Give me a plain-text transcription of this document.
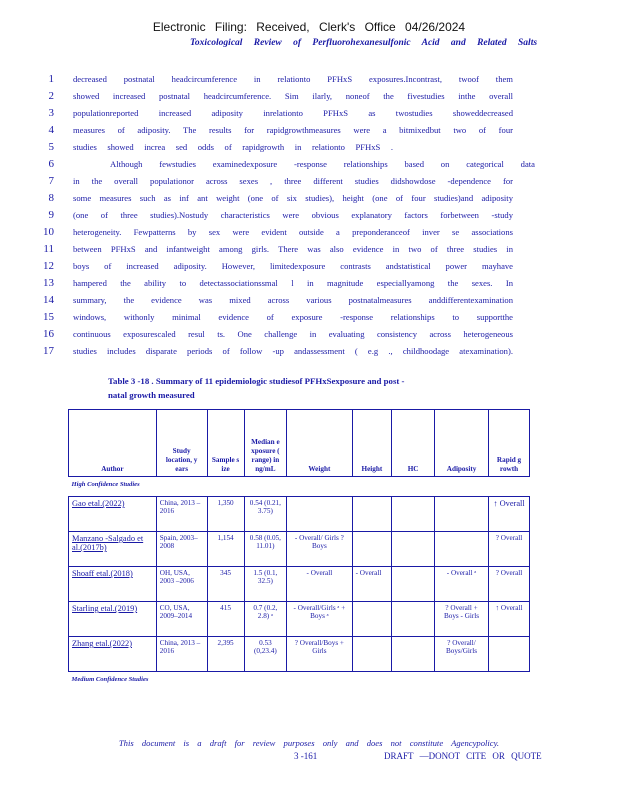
Electronic Filing: Received, Clerk's Office 04/26/2024
Toxicological Review of Perfluorohexanesulfonic Acid and Related Salts
1 decreased postnatal headcircumference in relationto PFHxS exposures.Incontrast, twoof them
2 showed increased postnatal headcircumference. Sim ilarly, noneof the fivestudies inthe overall
3 populationreported increased adiposity inrelationto PFHxS as twostudies showeddecreased
4 measures of adiposity. The results for rapidgrowthmeasures were a bitmixedbut two of four
5 studies showed increa sed odds of rapidgrowth in relationto PFHxS .
6	Although fewstudies examinedexposure -response relationships based on categorical data
7 in the overall populationor across sexes , three different studies didshowdose -dependence for
8 some measures such as inf ant weight (one of six studies), height (one of four studies)and adiposity
9 (one of three studies).Nostudy characteristics were obvious explanatory factors forbetween -study
10 heterogeneity. Fewpatterns by sex were evident outside a preponderanceof inver se associations
11 between PFHxS and infantweight among girls. There was also evidence in two of three studies in
12 boys of increased adiposity. However, limitedexposure contrasts andstatistical power mayhave
13 hampered the ability to detectassociationssmal l in magnitude especiallyamong the sexes. In
14 summary, the evidence was mixed across various postnatalmeasures anddifferentexamination
15 windows, withonly minimal evidence of exposure -response relationships to supportthe
16 continuous exposurescaled resul ts. One challenge in evaluating consistency across heterogeneous
17 studies includes disparate periods of follow -up andassessment ( e.g ., childhoodage atexamination).
Table 3 -18 . Summary of 11 epidemiologic studiesof PFHxSexposure and post -
natal growth measured
Author	Study location, y ears	Sample s ize	Median e xposure ( range) in ng/mL	Weight	Height	HC	Adiposity	Rapid g rowth
High Confidence Studies								
Gao etal.(2022)	China, 2013 –2016	1,350	0.54 (0.21, 3.75)					↑ Overall
Manzano -Salgado et al.(2017b)	Spain, 2003–2008	1,154	0.58 (0.05, 11.01)	- Overall/ Girls ? Boys				? Overall
Shoaff etal.(2018)	OH, USA, 2003 –2006	345	1.5 (0.1, 32.5)	- Overall	- Overall		- Overall ᵃ	? Overall
Starling etal.(2019)	CO, USA, 2009–2014	415	0.7 (0.2, 2.8) ᵃ	- Overall/Girls ᵃ + Boys ᵃ			? Overall + Boys - Girls	↑ Overall
Zhang etal.(2022)	China, 2013 –2016	2,395	0.53 (0,23.4)	? Overall/Boys + Girls			? Overall/ Boys/Girls	
Medium Confidence Studies								
This document is a draft for review purposes only and does not constitute Agencypolicy.
3 -161	DRAFT —DONOT CITE OR QUOTE
